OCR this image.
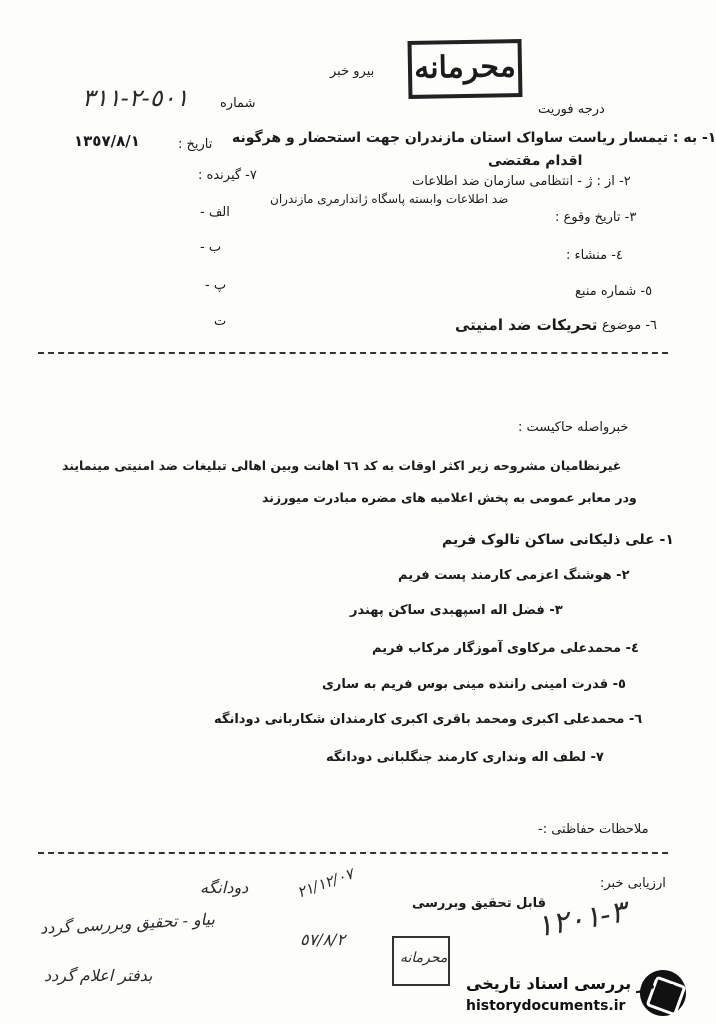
محرمانه
بيرو خبر
شماره
٥٠١-٢-٣١١	درجه فوریت
تاریخ :
١٣٥٧/٨/١	١- به : تیمسار ریاست ساواک استان مازندران جهت استحضار و هرگونه
اقدام مقتضی
٢- از : ژ - انتظامی سازمان ضد اطلاعات
ضد اطلاعات وابسته پاسگاه ژاندارمری مازندران
٧- گیرنده :
٣- تاریخ وقوع :
٤- منشاء :
٥- شماره منبع
٦- موضوع
تحریکات ضد امنیتی
الف -
ب -
پ -
ت
خبرواصله حاکیست :
غیرنظامیان مشروحه زیر اکثر اوقات به کد ٦٦ اهانت وبین اهالی تبلیغات ضد امنیتی مینمایند
ودر معابر عمومی به پخش اعلامیه های مضره مبادرت میورزند
١- علی ذلیکانی ساکن تالوک فریم
٢- هوشنگ اعزمی کارمند پست فریم
٣- فضل اله اسپهبدی ساکن پهندر
٤- محمدعلی مرکاوی آموزگار مرکاب فریم
٥- قدرت امینی راننده مینی بوس فریم به ساری
٦- محمدعلی اکبری ومحمد باقری اکبری کارمندان شکاربانی دودانگه
٧- لطف اله ونداری کارمند جنگلبانی دودانگه
ملاحظات حفاظتی :-
ارزیابی خبر:
قابل تحقیق وبررسی
دودانگه
بیاو - تحقیق وبررسی گردد
بدفتر اعلام گردد
٥٧/٨/٢
٢١/١٢/٠٧
٣-١٢٠١
محرمانه
مرکز بررسی اسناد تاریخی
historydocuments.ir
